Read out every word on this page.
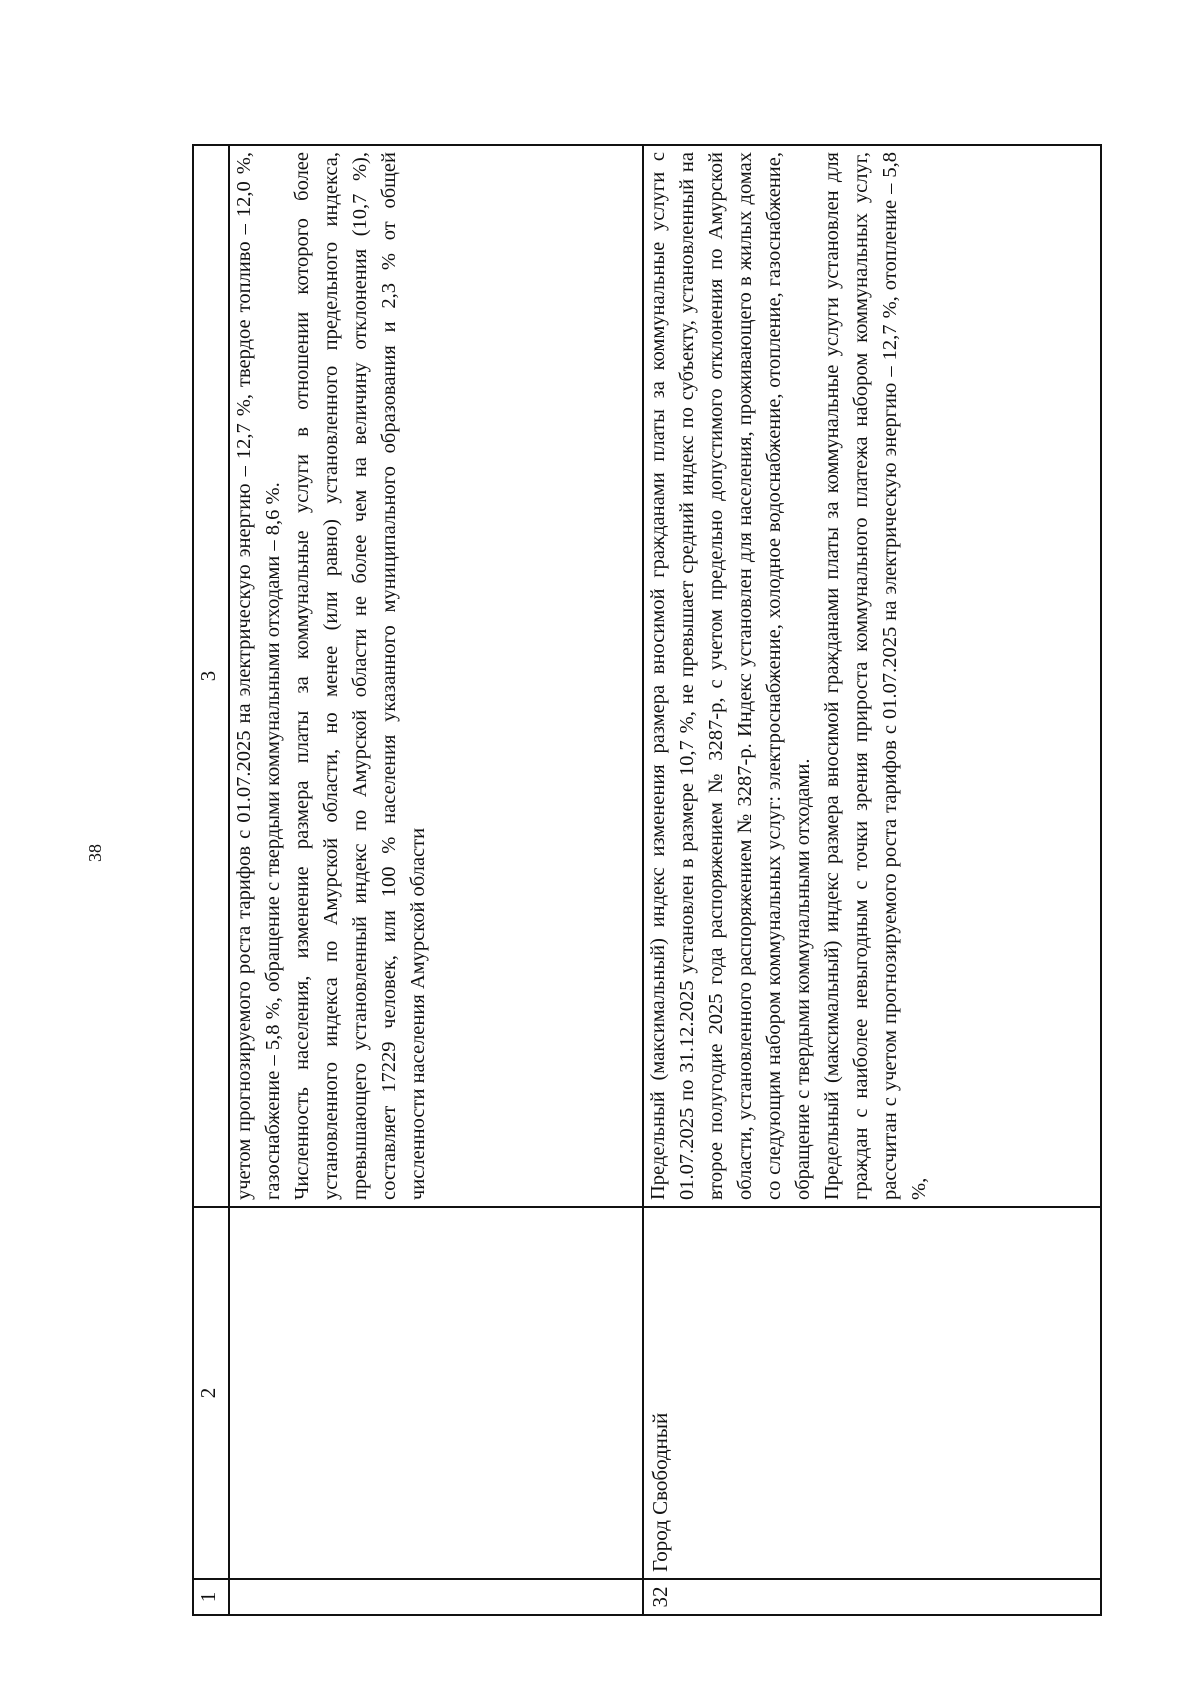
38
1	2	3

		учетом прогнозируемого роста тарифов с 01.07.2025 на электрическую энергию – 12,7 %, твердое топливо – 12,0 %, газоснабжение – 5,8 %, обращение с твердыми коммунальными отходами – 8,6 %. Численность населения, изменение размера платы за коммунальные услуги в отношении которого более установленного индекса по Амурской области, но менее (или равно) установленного предельного индекса, превышающего установленный индекс по Амурской области не более чем на величину отклонения (10,7 %), составляет 17229 человек, или 100 % населения указанного муниципального образования и 2,3 % от общей численности населения Амурской области

32	Город Свободный	Предельный (максимальный) индекс изменения размера вносимой гражданами платы за коммунальные услуги с 01.07.2025 по 31.12.2025 установлен в размере 10,7 %, не превышает средний индекс по субъекту, установленный на второе полугодие 2025 года распоряжением № 3287-р, с учетом предельно допустимого отклонения по Амурской области, установленного распоряжением № 3287-р. Индекс установлен для населения, проживающего в жилых домах со следующим набором коммунальных услуг: электроснабжение, холодное водоснабжение, отопление, газоснабжение, обращение с твердыми коммунальными отходами. Предельный (максимальный) индекс размера вносимой гражданами платы за коммунальные услуги установлен для граждан с наиболее невыгодным с точки зрения прироста коммунального платежа набором коммунальных услуг, рассчитан с учетом прогнозируемого роста тарифов с 01.07.2025 на электрическую энергию – 12,7 %, отопление – 5,8 %,
